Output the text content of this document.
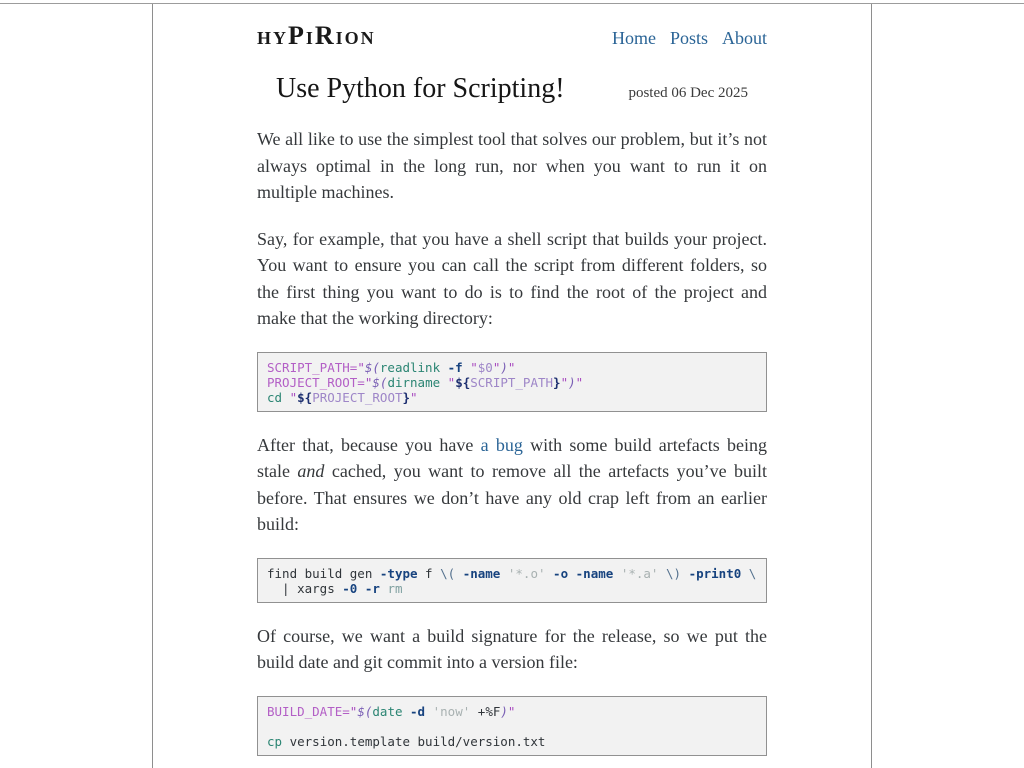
hyPiRion	Home Posts About
Use Python for Scripting!	posted 06 Dec 2025

We all like to use the simplest tool that solves our problem, but it’s not always optimal in the long run, nor when you want to run it on multiple machines.

Say, for example, that you have a shell script that builds your project. You want to ensure you can call the script from different folders, so the first thing you want to do is to find the root of the project and make that the working directory:

SCRIPT_PATH="$(readlink -f "$0")"
PROJECT_ROOT="$(dirname "${SCRIPT_PATH}")"
cd "${PROJECT_ROOT}"

After that, because you have a bug with some build artefacts being stale and cached, you want to remove all the artefacts you’ve built before. That ensures we don’t have any old crap left from an earlier build:

find build gen -type f \( -name '*.o' -o -name '*.a' \) -print0 \
| xargs -0 -r rm

Of course, we want a build signature for the release, so we put the build date and git commit into a version file:

BUILD_DATE="$(date -d 'now' +%F)"

cp version.template build/version.txt
